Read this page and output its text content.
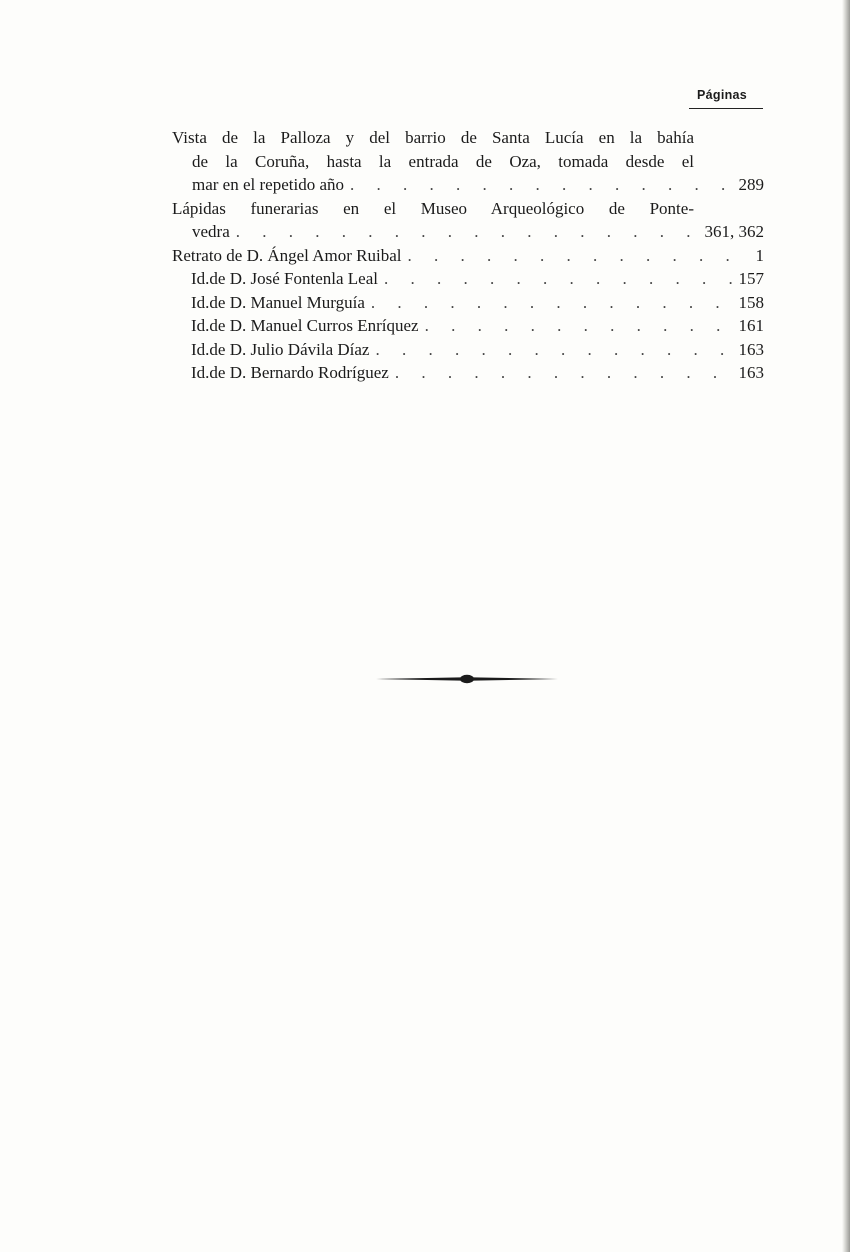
Páginas
Vista de la Palloza y del barrio de Santa Lucía en la bahía
de la Coruña, hasta la entrada de Oza, tomada desde el
mar en el repetido año . . .	289
Lápidas funerarias en el Museo Arqueológico de Ponte-
vedra . . .	361, 362
Retrato de D. Ángel Amor Ruibal . . .	1
Id. de D. José Fontenla Leal . . .	157
Id. de D. Manuel Murguía . . .	158
Id. de D. Manuel Curros Enríquez . . .	161
Id. de D. Julio Dávila Díaz . . .	163
Id. de D. Bernardo Rodríguez . . .	163
